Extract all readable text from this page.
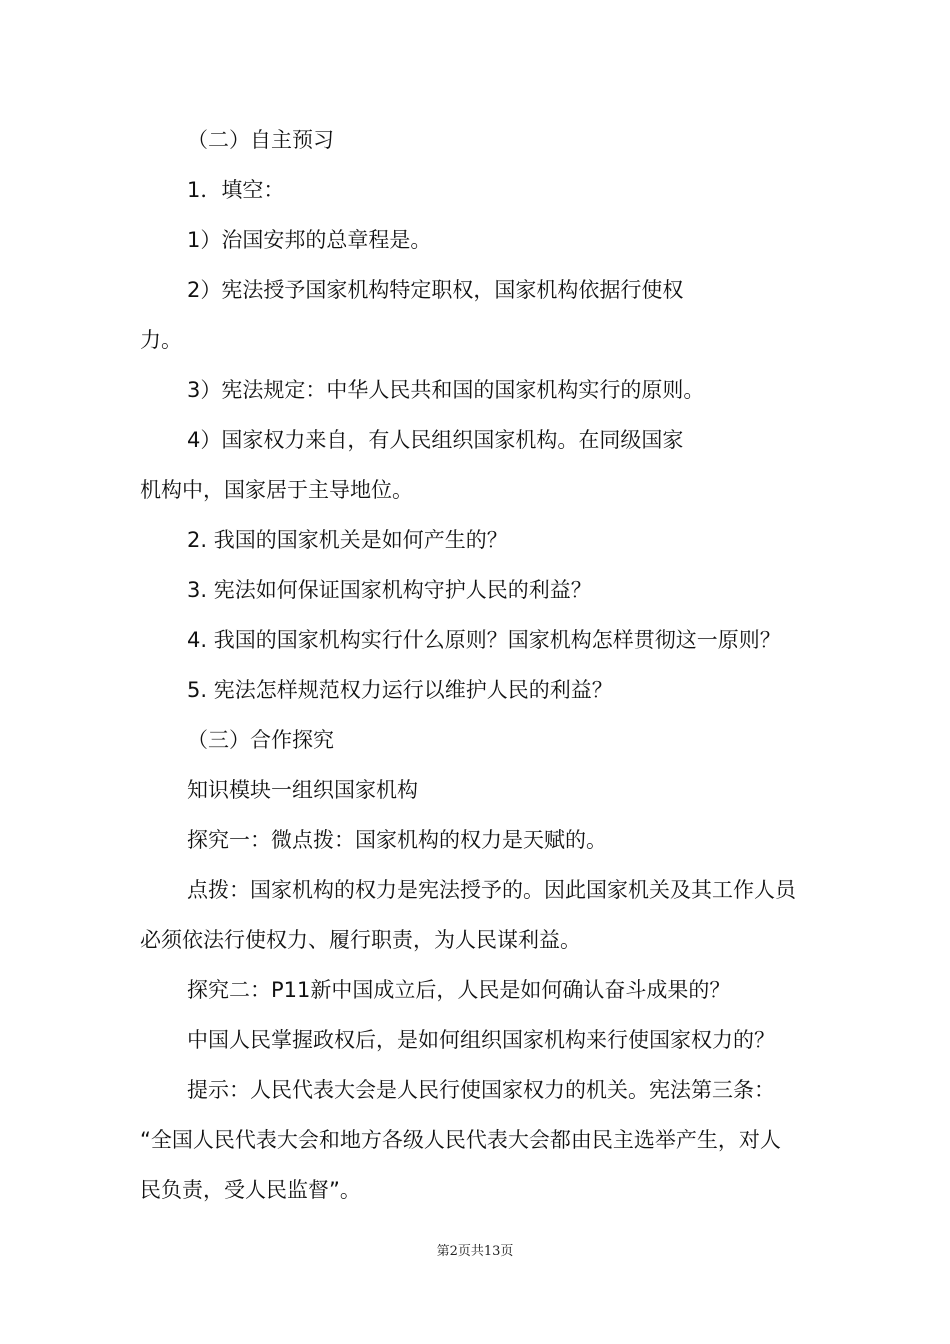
（二）自主预习
1．填空：
1）治国安邦的总章程是。
2）宪法授予国家机构特定职权，国家机构依据行使权
力。
3）宪法规定：中华人民共和国的国家机构实行的原则。
4）国家权力来自，有人民组织国家机构。在同级国家
机构中，国家居于主导地位。
2. 我国的国家机关是如何产生的？
3. 宪法如何保证国家机构守护人民的利益？
4. 我国的国家机构实行什么原则？国家机构怎样贯彻这一原则？
5. 宪法怎样规范权力运行以维护人民的利益？
（三）合作探究
知识模块一组织国家机构
探究一：微点拨：国家机构的权力是天赋的。
点拨：国家机构的权力是宪法授予的。因此国家机关及其工作人员
必须依法行使权力、履行职责，为人民谋利益。
探究二：P11新中国成立后，人民是如何确认奋斗成果的？
中国人民掌握政权后，是如何组织国家机构来行使国家权力的？
提示：人民代表大会是人民行使国家权力的机关。宪法第三条：
“全国人民代表大会和地方各级人民代表大会都由民主选举产生，对人
民负责，受人民监督”。
第2页共13页
